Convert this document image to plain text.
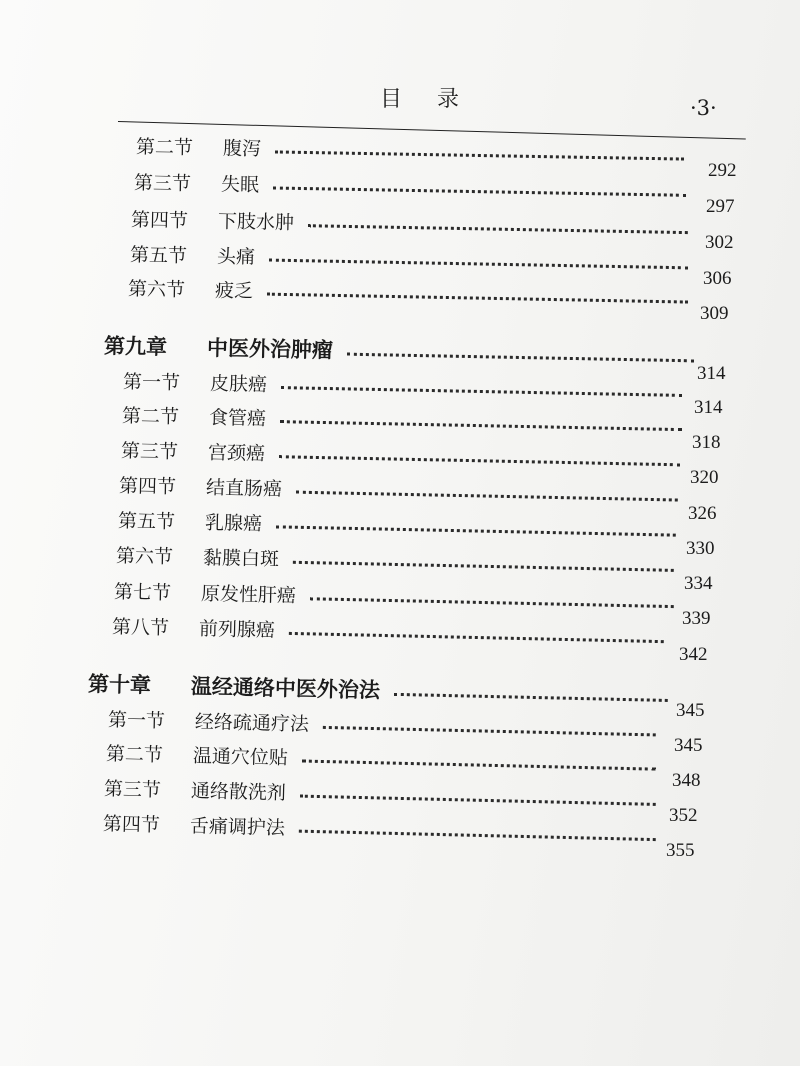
目 录	·3·
第二节 腹泻
第三节 失眠
第四节 下肢水肿
第五节 头痛
第六节 疲乏
第九章 中医外治肿瘤
第一节 皮肤癌
第二节 食管癌
第三节 宫颈癌
第四节 结直肠癌
第五节 乳腺癌
第六节 黏膜白斑
第七节 原发性肝癌
第八节 前列腺癌
第十章 温经通络中医外治法
第一节 经络疏通疗法
第二节 温通穴位贴
第三节 通络散洗剂
第四节 舌痛调护法
292
297
302
306
309
314
314
318
320
326
330
334
339
342
345
345
348
352
355
